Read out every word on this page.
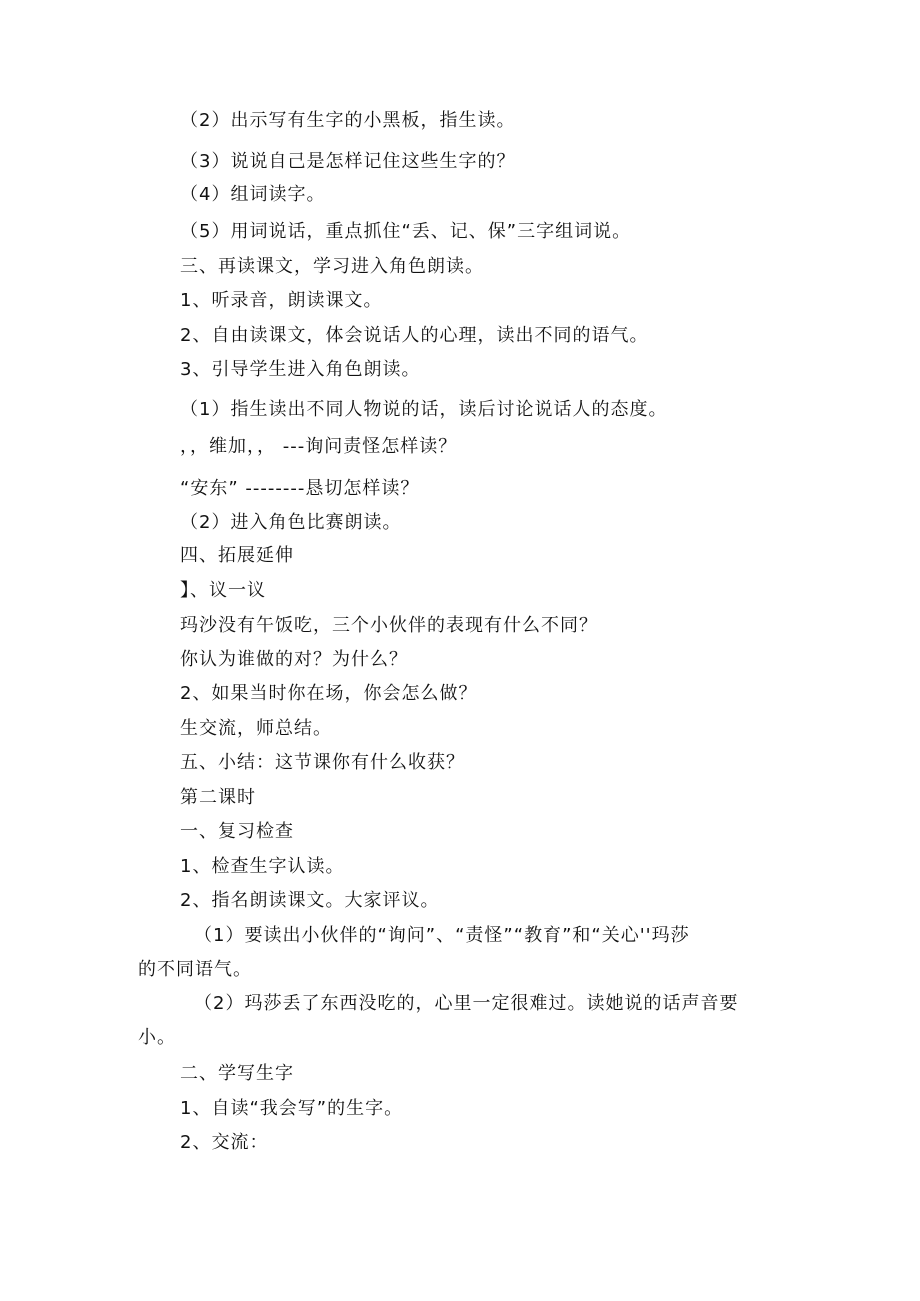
（2）出示写有生字的小黑板，指生读。
（3）说说自己是怎样记住这些生字的？
（4）组词读字。
（5）用词说话，重点抓住“丢、记、保”三字组词说。
三、再读课文，学习进入角色朗读。
1、听录音，朗读课文。
2、自由读课文，体会说话人的心理，读出不同的语气。
3、引导学生进入角色朗读。
（1）指生读出不同人物说的话，读后讨论说话人的态度。
，，维加，， ---询问责怪怎样读？
“安东” --------恳切怎样读？
（2）进入角色比赛朗读。
四、拓展延伸
】、议一议
玛沙没有午饭吃，三个小伙伴的表现有什么不同？
你认为谁做的对？为什么？
2、如果当时你在场，你会怎么做？
生交流，师总结。
五、小结：这节课你有什么收获？
第二课时
一、复习检查
1、检查生字认读。
2、指名朗读课文。大家评议。
（1）要读出小伙伴的“询问”、“责怪”“教育”和“关心''玛莎
的不同语气。
（2）玛莎丢了东西没吃的，心里一定很难过。读她说的话声音要
小。
二、学写生字
1、自读“我会写”的生字。
2、交流：
